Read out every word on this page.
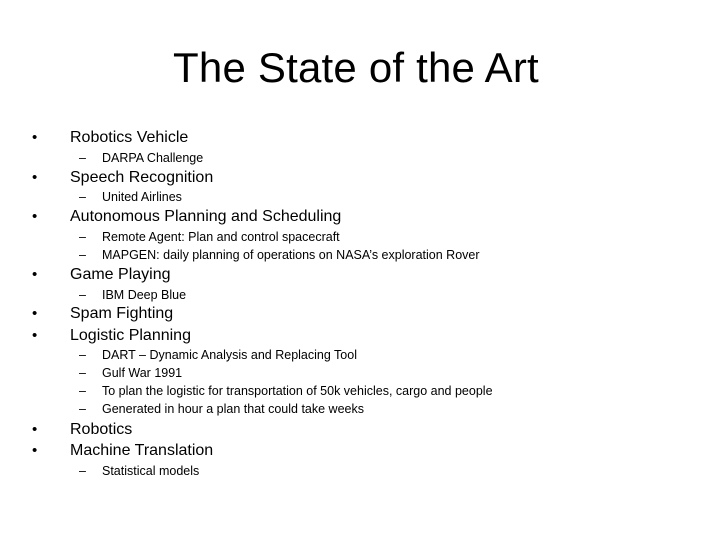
The State of the Art
• Robotics Vehicle
– DARPA Challenge
• Speech Recognition
– United Airlines
• Autonomous Planning and Scheduling
– Remote Agent: Plan and control spacecraft
– MAPGEN: daily planning of operations on NASA’s exploration Rover
• Game Playing
– IBM Deep Blue
• Spam Fighting
• Logistic Planning
– DART – Dynamic Analysis and Replacing Tool
– Gulf War 1991
– To plan the logistic for transportation of 50k vehicles, cargo and people
– Generated in hour a plan that could take weeks
• Robotics
• Machine Translation
– Statistical models
